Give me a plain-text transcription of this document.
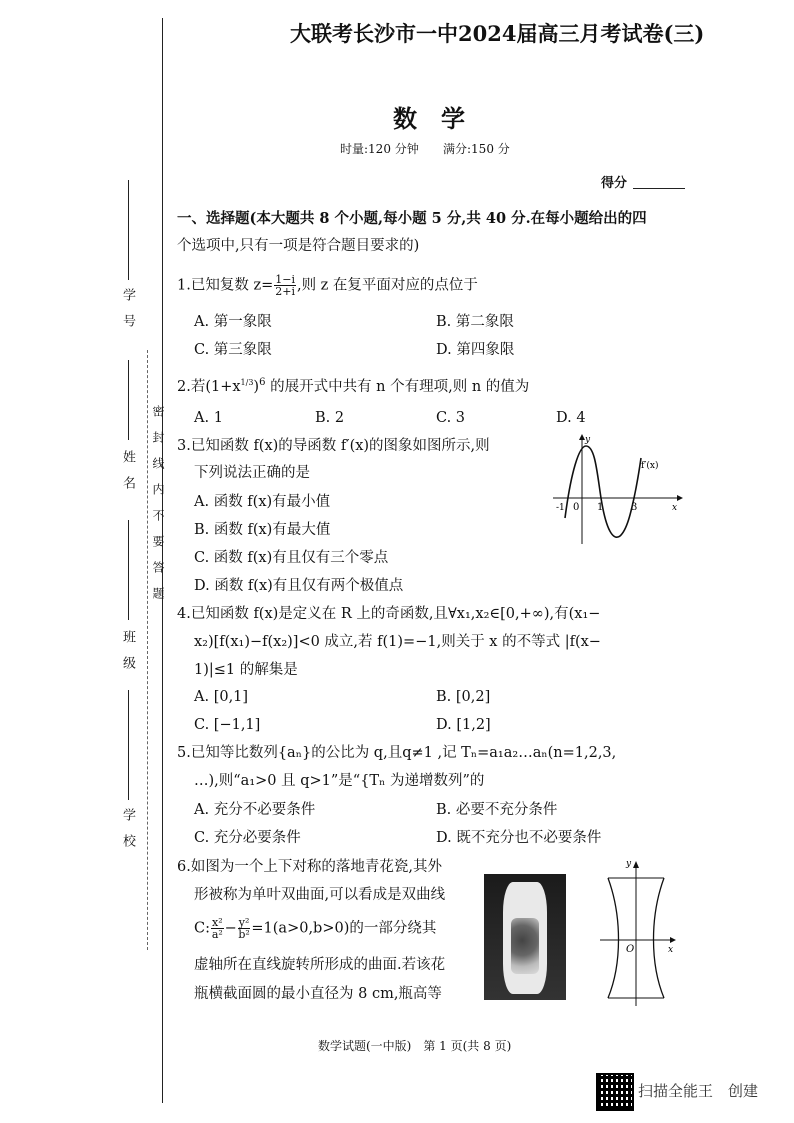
学　号
姓　名
班　级
学　校
密　封　线　内　不　要　答　题
大联考长沙市一中2024届高三月考试卷(三)
数　学
时量:120 分钟 满分:150 分
得分
一、选择题(本大题共 8 个小题,每小题 5 分,共 40 分.在每小题给出的四
个选项中,只有一项是符合题目要求的)
1.已知复数 $z= \frac{1-i}{2+i}$ ,则 z 在复平面对应的点位于
A. 第一象限	B. 第二象限
C. 第三象限	D. 第四象限
2.若$(1+x^{1/3})^6$ 的展开式中共有 n 个有理项,则 n 的值为
A. 1	B. 2	C. 3	D. 4
3.已知函数 f(x)的导函数 f′(x)的图象如图所示,则
下列说法正确的是
A. 函数 f(x)有最小值
B. 函数 f(x)有最大值
C. 函数 f(x)有且仅有三个零点
D. 函数 f(x)有且仅有两个极值点
y
x
f′(x)
-1 0 1	3
4.已知函数 f(x)是定义在 R 上的奇函数,且∀x₁,x₂∈[0,+∞),有(x₁−
x₂)[f(x₁)−f(x₂)]<0 成立,若 f(1)=−1,则关于 x 的不等式 |f(x−
1)|≤1 的解集是
A. [0,1]	B. [0,2]
C. [−1,1]	D. [1,2]
5.已知等比数列{aₙ}的公比为 q,且q≠1 ,记 Tₙ=a₁a₂…aₙ(n=1,2,3,
…),则“a₁>0 且 q>1”是“{Tₙ 为递增数列”的
A. 充分不必要条件	B. 必要不充分条件
C. 充分必要条件	D. 既不充分也不必要条件
6.如图为一个上下对称的落地青花瓷,其外
形被称为单叶双曲面,可以看成是双曲线
C: $\frac{\text{x²}}{\text{a²}} - \frac{\text{y²}}{\text{b²}} =1(a>0,b>0)$的一部分绕其
虚轴所在直线旋转所形成的曲面.若该花
瓶横截面圆的最小直径为 8 cm,瓶高等
y
x
O
数学试题(一中版)　第 1 页(共 8 页)
扫描全能王　创建
